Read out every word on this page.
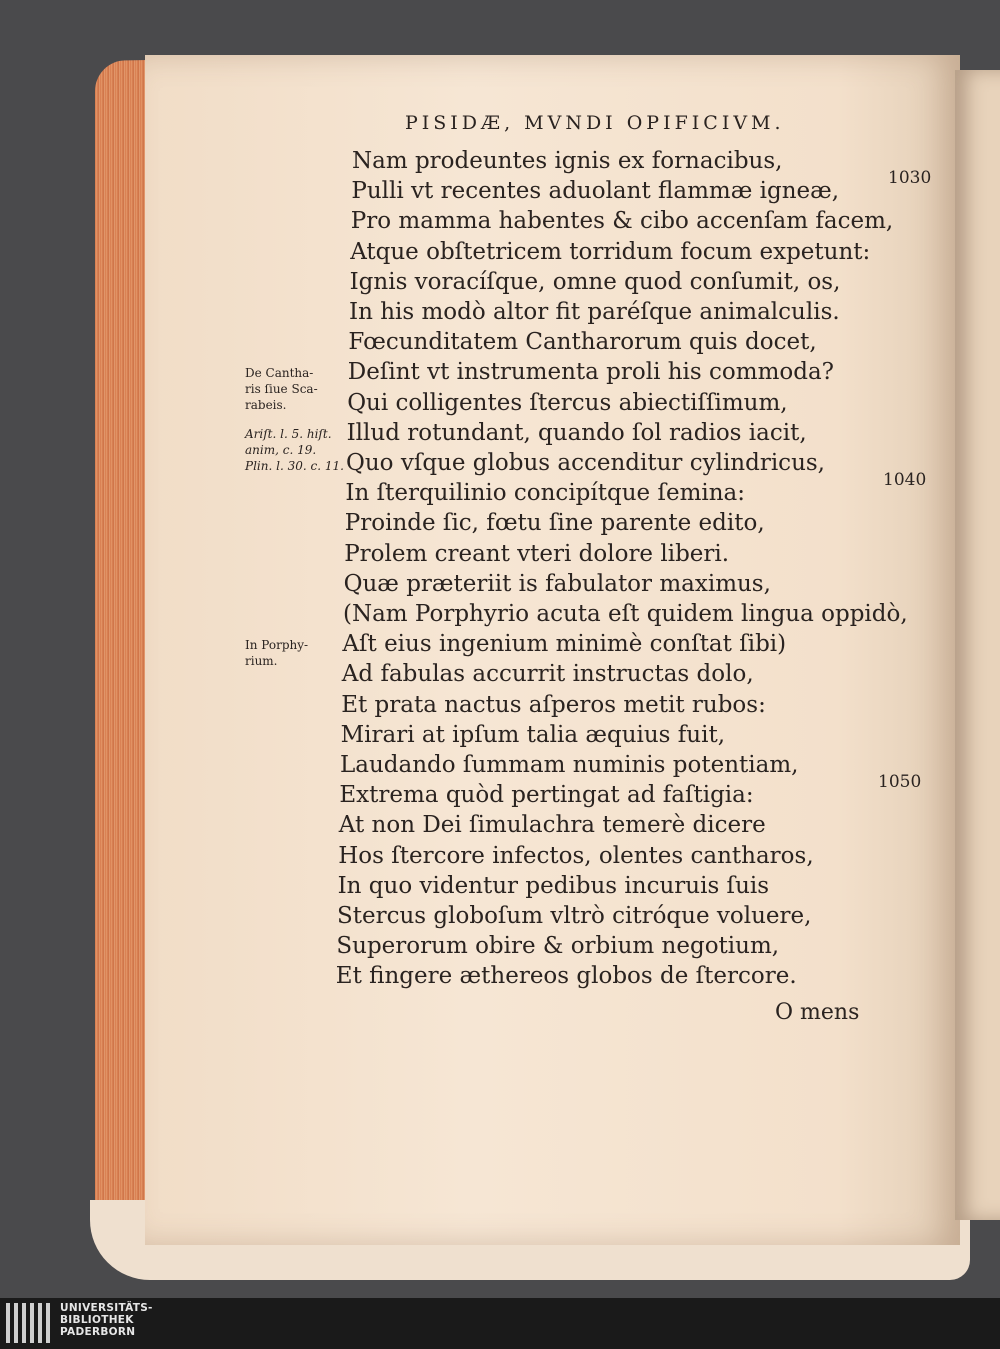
PISIDÆ, MVNDI OPIFICIVM.
Nam prodeuntes ignis ex fornacibus,
Pulli vt recentes aduolant flammæ igneæ,
Pro mamma habentes & cibo accenſam facem,
Atque obſtetricem torridum focum expetunt:
Ignis voracíſque, omne quod conſumit, os,
In his modò altor fit paréſque animalculis.
Fœcunditatem Cantharorum quis docet,
Deſint vt instrumenta proli his commoda?
Qui colligentes ſtercus abiectiſſimum,
Illud rotundant, quando ſol radios iacit,
Quo vſque globus accenditur cylindricus,
In ſterquilinio concipítque ſemina:
Proinde ſic, fœtu ſine parente edito,
Prolem creant vteri dolore liberi.
Quæ præteriit is fabulator maximus,
(Nam Porphyrio acuta eſt quidem lingua oppidò,
Aſt eius ingenium minimè conſtat ſibi)
Ad fabulas accurrit instructas dolo,
Et prata nactus aſperos metit rubos:
Mirari at ipſum talia æquius fuit,
Laudando ſummam numinis potentiam,
Extrema quòd pertingat ad faſtigia:
At non Dei ſimulachra temerè dicere
Hos ſtercore infectos, olentes cantharos,
In quo videntur pedibus incuruis ſuis
Stercus globoſum vltrò citróque voluere,
Superorum obire & orbium negotium,
Et fingere æthereos globos de ſtercore.
1030
1040
1050
De Cantha-
ris ſiue Sca-
rabeis.
Ariſt. l. 5. hiſt.
anim, c. 19.
Plin. l. 30. c. 11.
In Porphy-
rium.
O mens
UNIVERSITÄTS-
BIBLIOTHEK
PADERBORN
